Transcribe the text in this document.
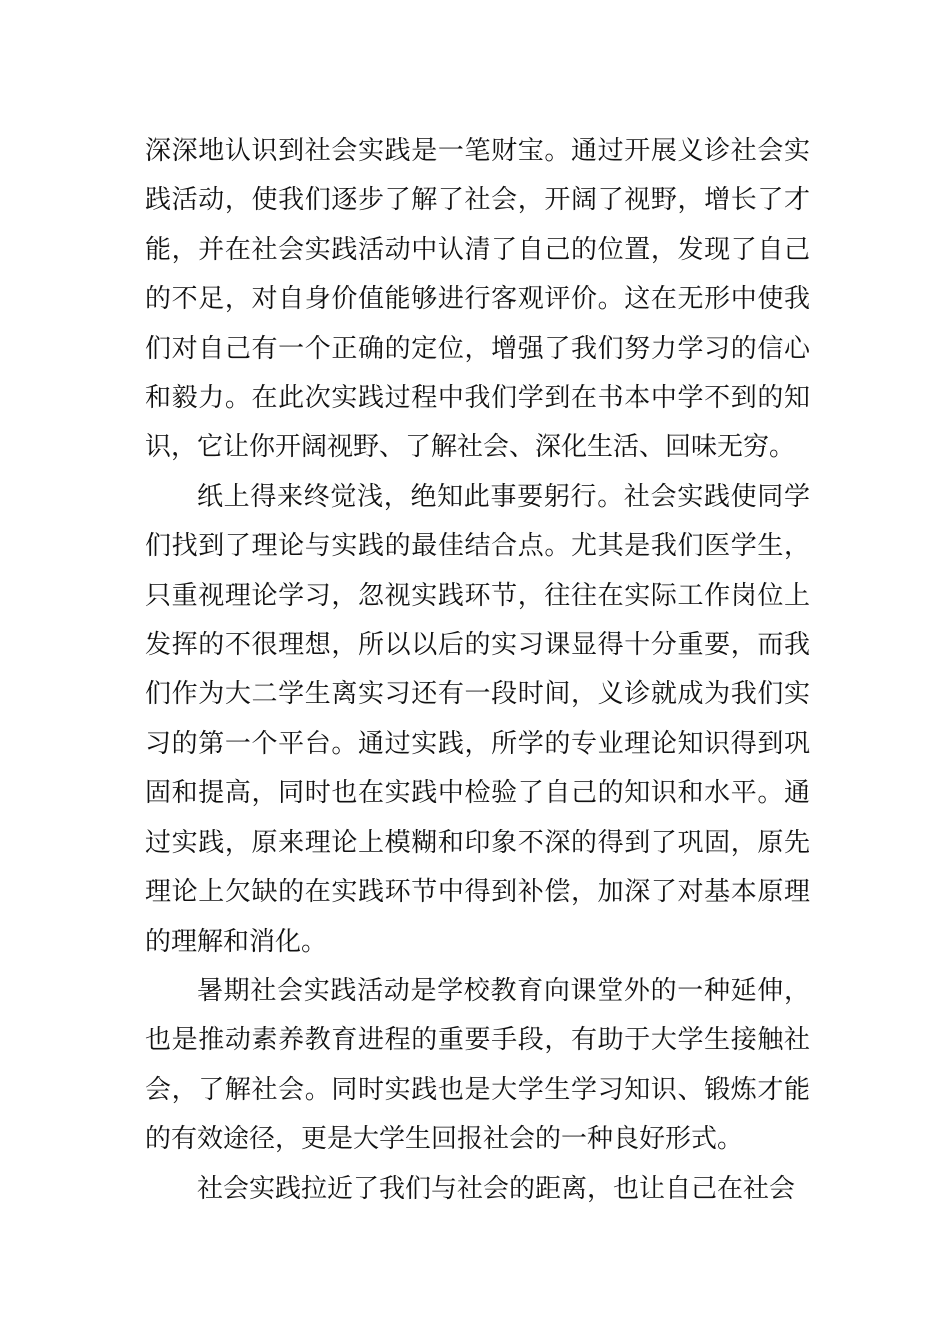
深深地认识到社会实践是一笔财宝。通过开展义诊社会实践活动，使我们逐步了解了社会，开阔了视野，增长了才能，并在社会实践活动中认清了自己的位置，发现了自己的不足，对自身价值能够进行客观评价。这在无形中使我们对自己有一个正确的定位，增强了我们努力学习的信心和毅力。在此次实践过程中我们学到在书本中学不到的知识，它让你开阔视野、了解社会、深化生活、回味无穷。

纸上得来终觉浅，绝知此事要躬行。社会实践使同学们找到了理论与实践的最佳结合点。尤其是我们医学生，只重视理论学习，忽视实践环节，往往在实际工作岗位上发挥的不很理想，所以以后的实习课显得十分重要，而我们作为大二学生离实习还有一段时间，义诊就成为我们实习的第一个平台。通过实践，所学的专业理论知识得到巩固和提高，同时也在实践中检验了自己的知识和水平。通过实践，原来理论上模糊和印象不深的得到了巩固，原先理论上欠缺的在实践环节中得到补偿，加深了对基本原理的理解和消化。

暑期社会实践活动是学校教育向课堂外的一种延伸，也是推动素养教育进程的重要手段，有助于大学生接触社会，了解社会。同时实践也是大学生学习知识、锻炼才能的有效途径，更是大学生回报社会的一种良好形式。

社会实践拉近了我们与社会的距离，也让自己在社会
